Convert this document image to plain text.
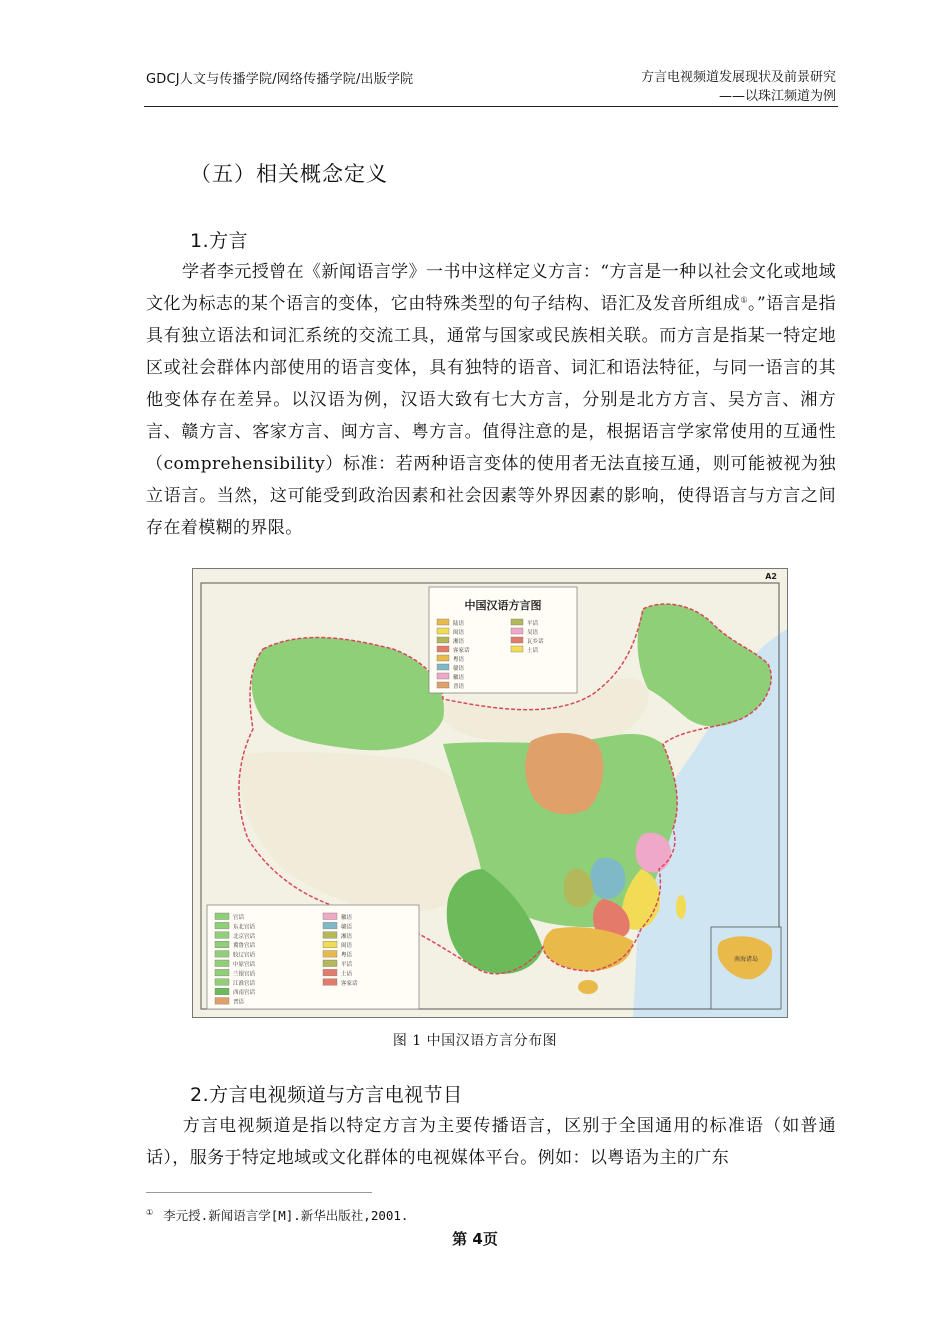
GDCJ人文与传播学院/网络传播学院/出版学院	方言电视频道发展现状及前景研究
——以珠江频道为例
（五）相关概念定义
1.方言
学者李元授曾在《新闻语言学》一书中这样定义方言：“方言是一种以社会文化或地域文化为标志的某个语言的变体，它由特殊类型的句子结构、语汇及发音所组成①。”语言是指具有独立语法和词汇系统的交流工具，通常与国家或民族相关联。而方言是指某一特定地区或社会群体内部使用的语言变体，具有独特的语音、词汇和语法特征，与同一语言的其他变体存在差异。以汉语为例，汉语大致有七大方言，分别是北方方言、吴方言、湘方言、赣方言、客家方言、闽方言、粤方言。值得注意的是，根据语言学家常使用的互通性（comprehensibility）标准：若两种语言变体的使用者无法直接互通，则可能被视为独立语言。当然，这可能受到政治因素和社会因素等外界因素的影响，使得语言与方言之间存在着模糊的界限。
中国汉语方言图
陆语
闽语
湘语
客家话
粤语
赣语
徽语
晋语
平话
吴语
瓦乡话
土话
官话
东北官话
北京官话
冀鲁官话
胶辽官话
中原官话
兰银官话
江淮官话
西南官话
晋语
徽语
赣语
湘语
闽语
粤语
平话
土话
客家话
南海诸岛
A2
图 1 中国汉语方言分布图
2.方言电视频道与方言电视节目
方言电视频道是指以特定方言为主要传播语言，区别于全国通用的标准语（如普通话），服务于特定地域或文化群体的电视媒体平台。例如：以粤语为主的广东
① 李元授.新闻语言学[M].新华出版社,2001.
第 4页
